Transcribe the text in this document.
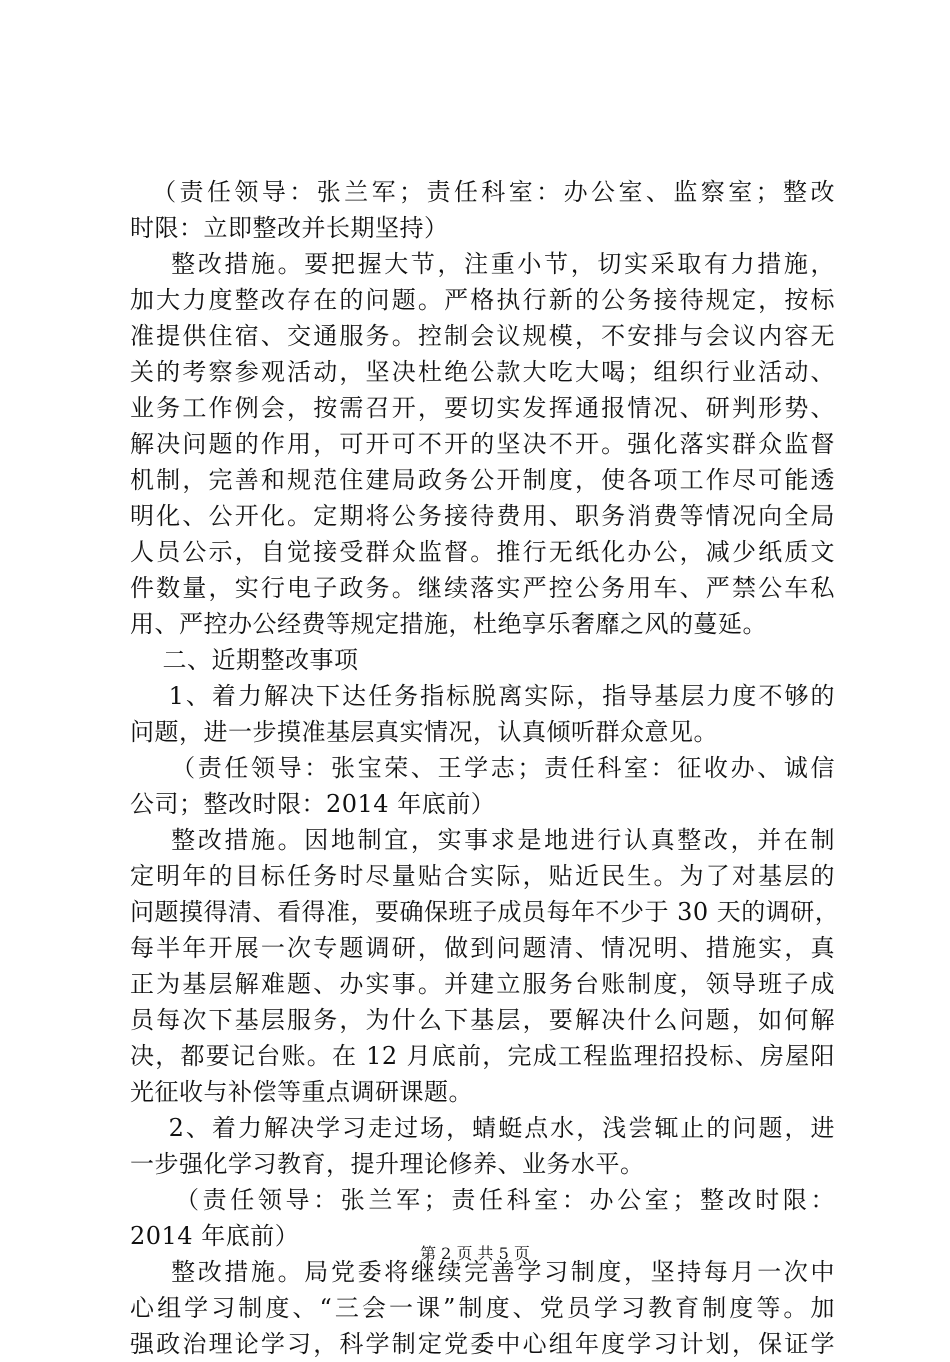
（责任领导：张兰军；责任科室：办公室、监察室；整改
时限：立即整改并长期坚持）
整改措施。要把握大节，注重小节，切实采取有力措施，
加大力度整改存在的问题。严格执行新的公务接待规定，按标
准提供住宿、交通服务。控制会议规模，不安排与会议内容无
关的考察参观活动，坚决杜绝公款大吃大喝；组织行业活动、
业务工作例会，按需召开，要切实发挥通报情况、研判形势、
解决问题的作用，可开可不开的坚决不开。强化落实群众监督
机制，完善和规范住建局政务公开制度，使各项工作尽可能透
明化、公开化。定期将公务接待费用、职务消费等情况向全局
人员公示，自觉接受群众监督。推行无纸化办公，减少纸质文
件数量，实行电子政务。继续落实严控公务用车、严禁公车私
用、严控办公经费等规定措施，杜绝享乐奢靡之风的蔓延。
二、近期整改事项
1、着力解决下达任务指标脱离实际，指导基层力度不够的
问题，进一步摸准基层真实情况，认真倾听群众意见。
（责任领导：张宝荣、王学志；责任科室：征收办、诚信
公司；整改时限：2014 年底前）
整改措施。因地制宜，实事求是地进行认真整改，并在制
定明年的目标任务时尽量贴合实际，贴近民生。为了对基层的
问题摸得清、看得准，要确保班子成员每年不少于 30 天的调研，
每半年开展一次专题调研，做到问题清、情况明、措施实，真
正为基层解难题、办实事。并建立服务台账制度，领导班子成
员每次下基层服务，为什么下基层，要解决什么问题，如何解
决，都要记台账。在 12 月底前，完成工程监理招投标、房屋阳
光征收与补偿等重点调研课题。
2、着力解决学习走过场，蜻蜓点水，浅尝辄止的问题，进
一步强化学习教育，提升理论修养、业务水平。
（责任领导：张兰军；责任科室：办公室；整改时限：
2014 年底前）
整改措施。局党委将继续完善学习制度，坚持每月一次中
心组学习制度、“三会一课”制度、党员学习教育制度等。加
强政治理论学习，科学制定党委中心组年度学习计划，保证学
第 2 页 共 5 页
